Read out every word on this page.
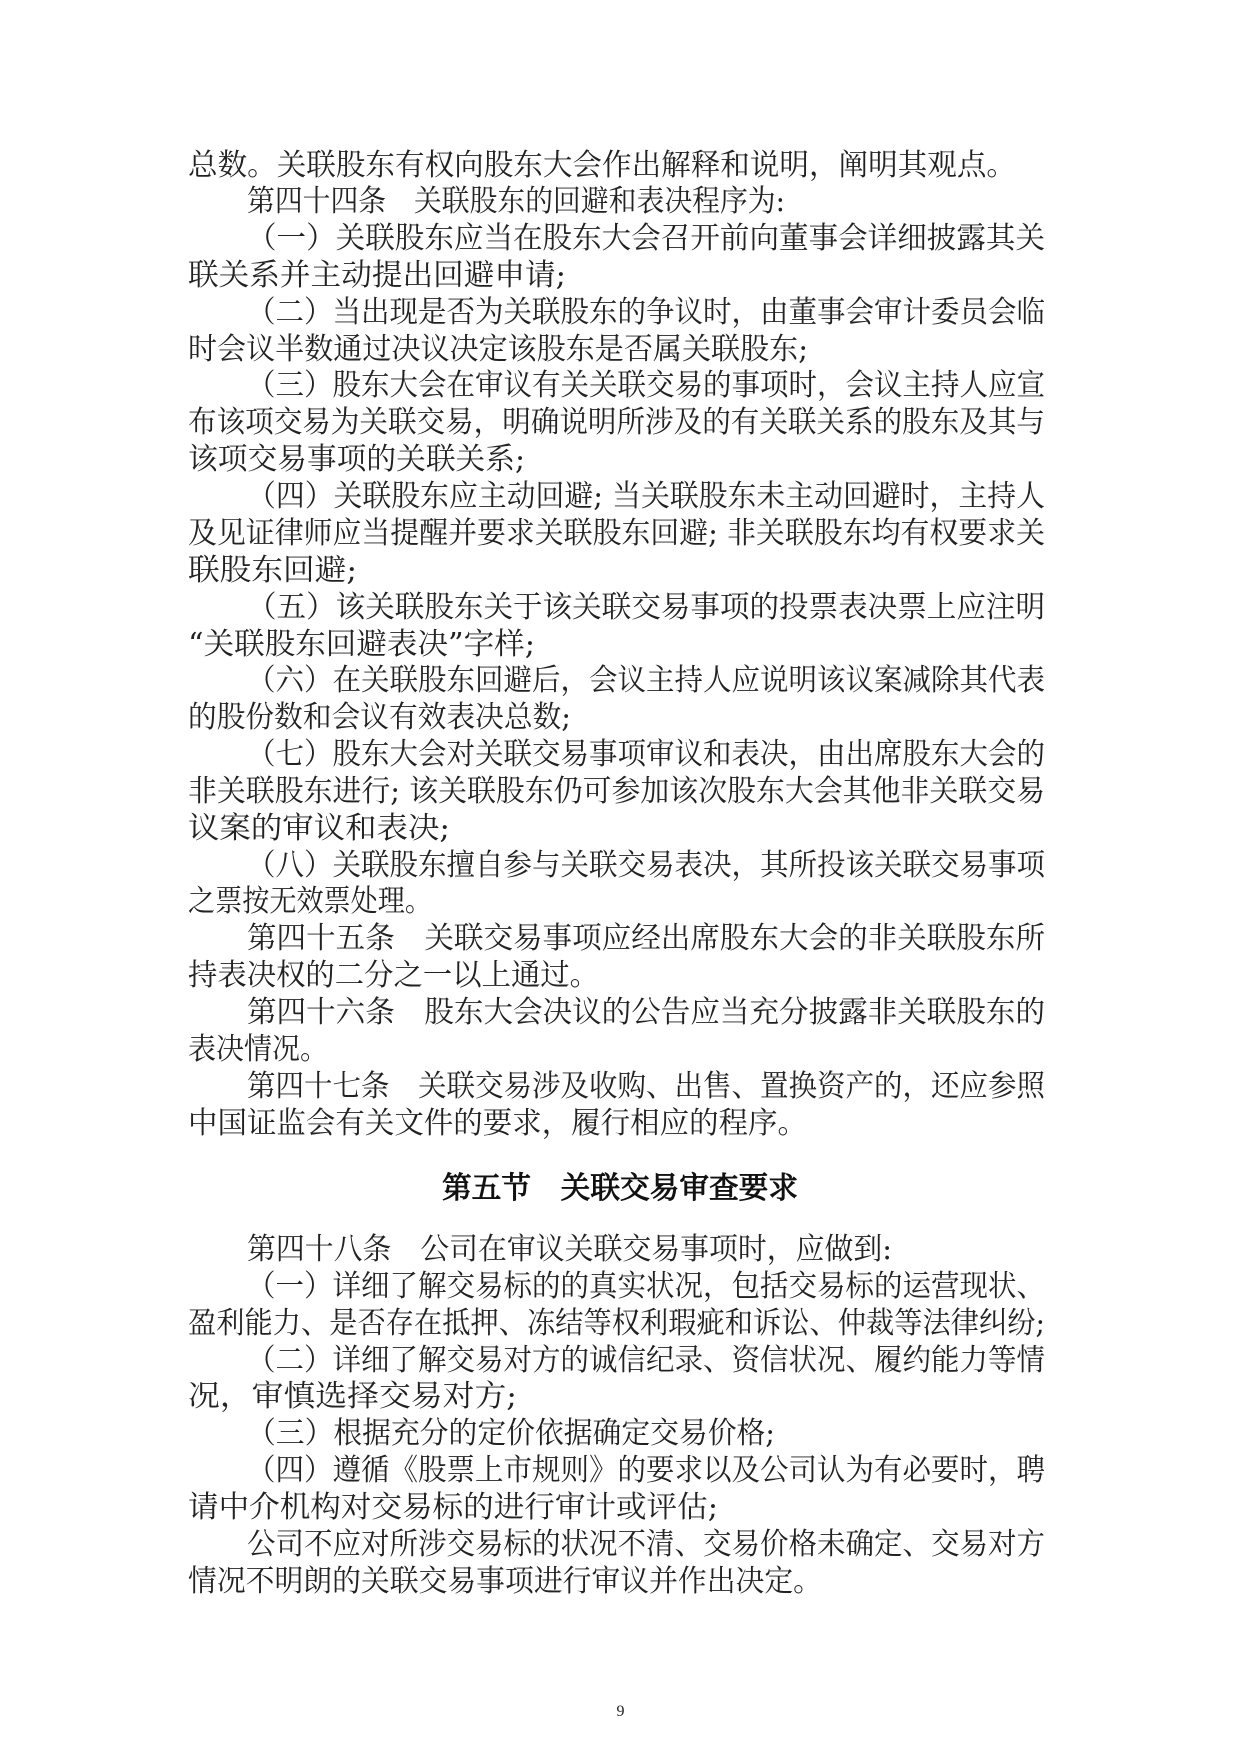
总数。关联股东有权向股东大会作出解释和说明，阐明其观点。
第四十四条　关联股东的回避和表决程序为:
（一）关联股东应当在股东大会召开前向董事会详细披露其关
联关系并主动提出回避申请;
（二）当出现是否为关联股东的争议时，由董事会审计委员会临
时会议半数通过决议决定该股东是否属关联股东;
（三）股东大会在审议有关关联交易的事项时，会议主持人应宣
布该项交易为关联交易，明确说明所涉及的有关联关系的股东及其与
该项交易事项的关联关系;
（四）关联股东应主动回避; 当关联股东未主动回避时，主持人
及见证律师应当提醒并要求关联股东回避; 非关联股东均有权要求关
联股东回避;
（五）该关联股东关于该关联交易事项的投票表决票上应注明
“关联股东回避表决”字样;
（六）在关联股东回避后，会议主持人应说明该议案减除其代表
的股份数和会议有效表决总数;
（七）股东大会对关联交易事项审议和表决，由出席股东大会的
非关联股东进行; 该关联股东仍可参加该次股东大会其他非关联交易
议案的审议和表决;
（八）关联股东擅自参与关联交易表决，其所投该关联交易事项
之票按无效票处理。
第四十五条　关联交易事项应经出席股东大会的非关联股东所
持表决权的二分之一以上通过。
第四十六条　股东大会决议的公告应当充分披露非关联股东的
表决情况。
第四十七条　关联交易涉及收购、出售、置换资产的，还应参照
中国证监会有关文件的要求，履行相应的程序。
第五节　关联交易审查要求
第四十八条　公司在审议关联交易事项时，应做到:
（一）详细了解交易标的的真实状况，包括交易标的运营现状、
盈利能力、是否存在抵押、冻结等权利瑕疵和诉讼、仲裁等法律纠纷;
（二）详细了解交易对方的诚信纪录、资信状况、履约能力等情
况，审慎选择交易对方;
（三）根据充分的定价依据确定交易价格;
（四）遵循《股票上市规则》的要求以及公司认为有必要时，聘
请中介机构对交易标的进行审计或评估;
公司不应对所涉交易标的状况不清、交易价格未确定、交易对方
情况不明朗的关联交易事项进行审议并作出决定。
9
